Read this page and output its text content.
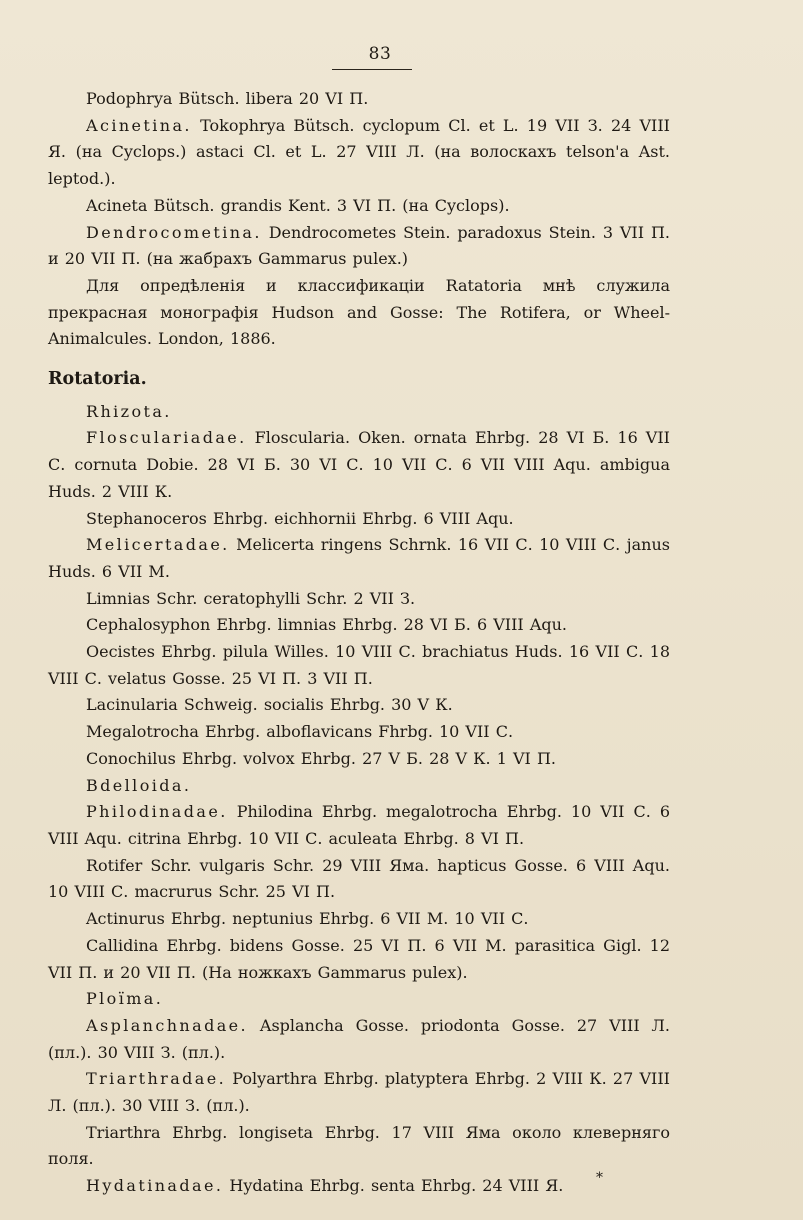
83

Podophrya Bütsch. libera 20 VI П.

Acinetina. Tokophrya Bütsch. cyclopum Cl. et L. 19 VII З. 24 VIII Я. (на Cyclops.) astaci Cl. et L. 27 VIII Л. (на волоскахъ telson'а Ast. leptod.).

Acineta Bütsch. grandis Kent. 3 VI П. (на Cyclops).

Dendrocometina. Dendrocometes Stein. paradoxus Stein. 3 VII П. и 20 VII П. (на жабрахъ Gammarus pulex.)

Для опредѣленія и классификаціи Ratatoria мнѣ служила прекрасная монографія Hudson and Gosse: The Rotifera, or Wheel-Animalcules. London, 1886.

Rotatoria.

Rhizota.

Flosculariadae. Floscularia. Oken. ornata Ehrbg. 28 VI Б. 16 VII С. cornuta Dobie. 28 VI Б. 30 VI С. 10 VII С. 6 VII VIII Aqu. ambigua Huds. 2 VIII К.

Stephanoceros Ehrbg. eichhornii Ehrbg. 6 VIII Aqu.

Melicertadae. Melicerta ringens Schrnk. 16 VII С. 10 VIII С. janus Huds. 6 VII М.

Limnias Schr. ceratophylli Schr. 2 VII З.

Cephalosyphon Ehrbg. limnias Ehrbg. 28 VI Б. 6 VIII Aqu.

Oecistes Ehrbg. pilula Willes. 10 VIII С. brachiatus Huds. 16 VII С. 18 VIII С. velatus Gosse. 25 VI П. 3 VII П.

Lacinularia Schweig. socialis Ehrbg. 30 V К.

Megalotrocha Ehrbg. alboflavicans Fhrbg. 10 VII С.

Conochilus Ehrbg. volvox Ehrbg. 27 V Б. 28 V К. 1 VI П.

Bdelloida.

Philodinadae. Philodina Ehrbg. megalotrocha Ehrbg. 10 VII С. 6 VIII Aqu. citrina Ehrbg. 10 VII С. aculeata Ehrbg. 8 VI П.

Rotifer Schr. vulgaris Schr. 29 VIII Яма. hapticus Gosse. 6 VIII Aqu. 10 VIII С. macrurus Schr. 25 VI П.

Actinurus Ehrbg. neptunius Ehrbg. 6 VII М. 10 VII С.

Callidina Ehrbg. bidens Gosse. 25 VI П. 6 VII М. parasitica Gigl. 12 VII П. и 20 VII П. (На ножкахъ Gammarus pulex).

Ploïma.

Asplanchnadae. Asplancha Gosse. priodonta Gosse. 27 VIII Л. (пл.). 30 VIII З. (пл.).

Triarthradae. Polyarthra Ehrbg. platyptera Ehrbg. 2 VIII К. 27 VIII Л. (пл.). 30 VIII З. (пл.).

Triarthra Ehrbg. longiseta Ehrbg. 17 VIII Яма около клеверняго поля.

Hydatinadae. Hydatina Ehrbg. senta Ehrbg. 24 VIII Я.	*
